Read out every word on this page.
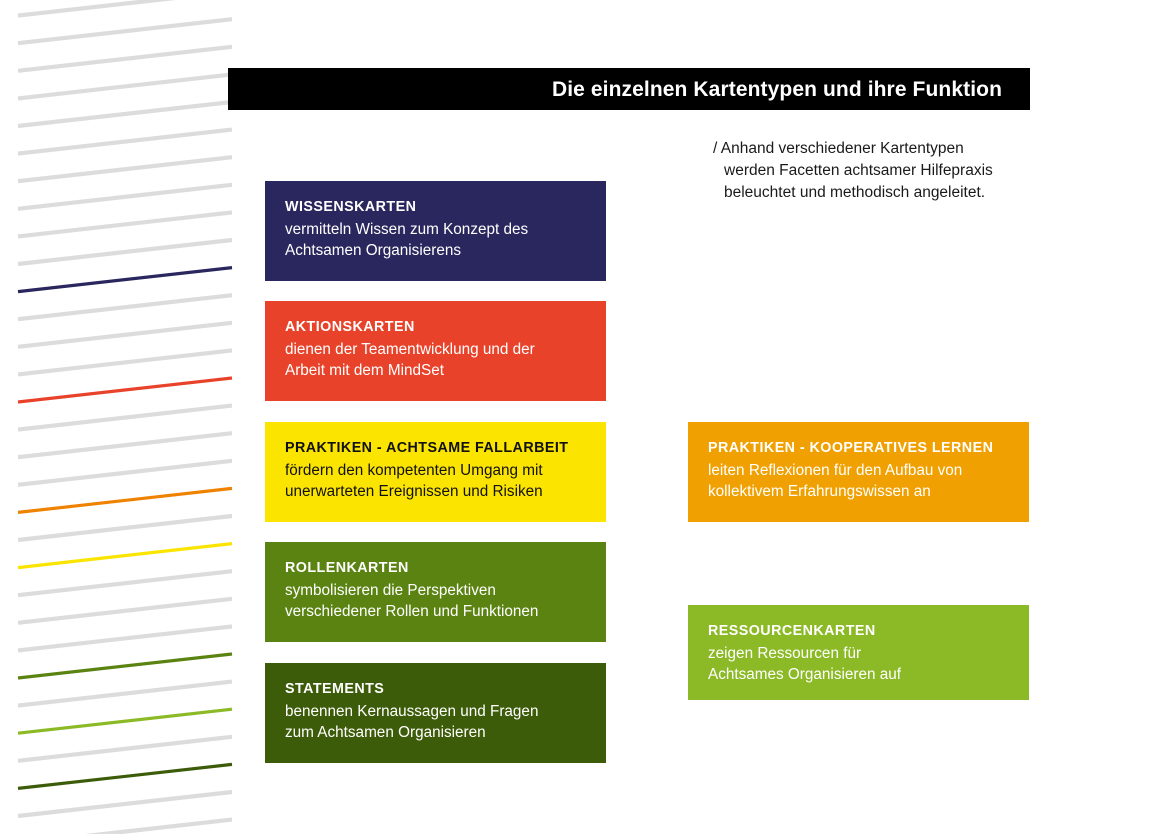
Die einzelnen Kartentypen und ihre Funktion
/ Anhand verschiedener Kartentypen
werden Facetten achtsamer Hilfepraxis
beleuchtet und methodisch angeleitet.
WISSENSKARTEN
vermitteln Wissen zum Konzept des
Achtsamen Organisierens
AKTIONSKARTEN
dienen der Teamentwicklung und der
Arbeit mit dem MindSet
PRAKTIKEN - ACHTSAME FALLARBEIT
fördern den kompetenten Umgang mit
unerwarteten Ereignissen und Risiken
ROLLENKARTEN
symbolisieren die Perspektiven
verschiedener Rollen und Funktionen
STATEMENTS
benennen Kernaussagen und Fragen
zum Achtsamen Organisieren
PRAKTIKEN - KOOPERATIVES LERNEN
leiten Reflexionen für den Aufbau von
kollektivem Erfahrungswissen an
RESSOURCENKARTEN
zeigen Ressourcen für
Achtsames Organisieren auf
